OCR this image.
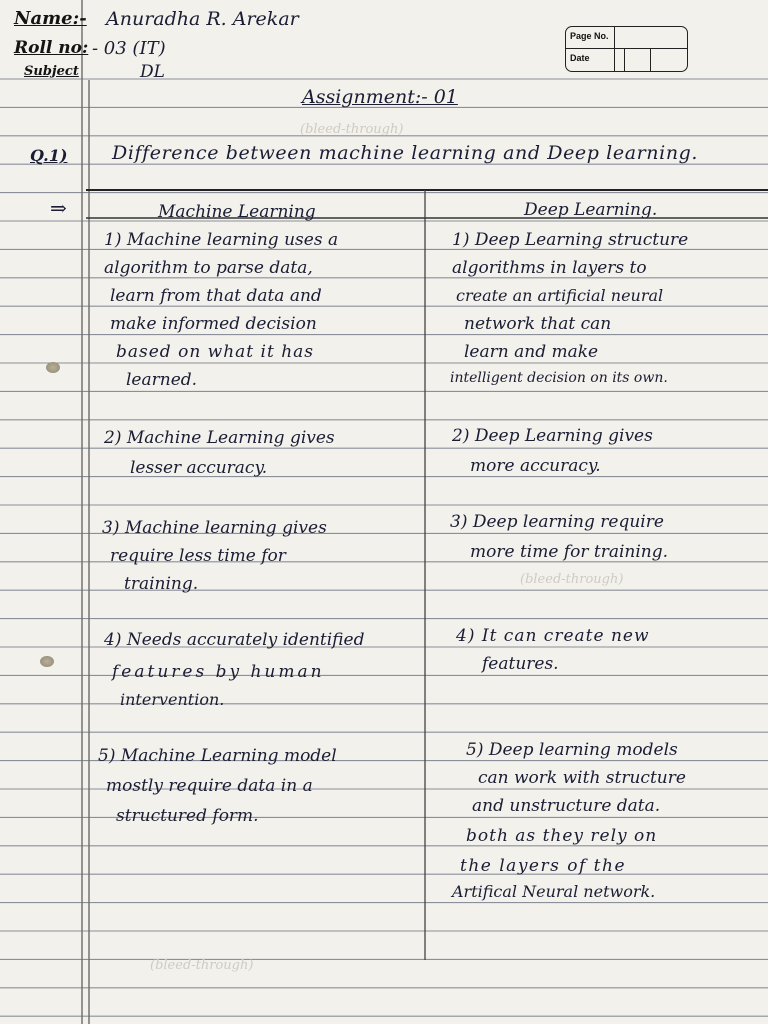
(bleed-through)
(bleed-through)
(bleed-through)
Name:- Anuradha R. Arekar
Roll no: - 03 (IT)
Subject	DL
Page No.
Date
Assignment:- 01
Q.1) Difference between machine learning and Deep learning.
⇒	Machine Learning	Deep Learning.
1) Machine learning uses a
algorithm to parse data,
learn from that data and
make informed decision
based on what it has
learned.
1) Deep Learning structure
algorithms in layers to
create an artificial neural
network that can
learn and make
intelligent decision on its own.
2) Machine Learning gives
lesser accuracy.
2) Deep Learning gives
more accuracy.
3) Machine learning gives
require less time for
training.
3) Deep learning require
more time for training.
4) Needs accurately identified
features by human
intervention.
4) It can create new
features.
5) Machine Learning model
mostly require data in a
structured form.
5) Deep learning models
can work with structure
and unstructure data.
both as they rely on
the layers of the
Artifical Neural network.
